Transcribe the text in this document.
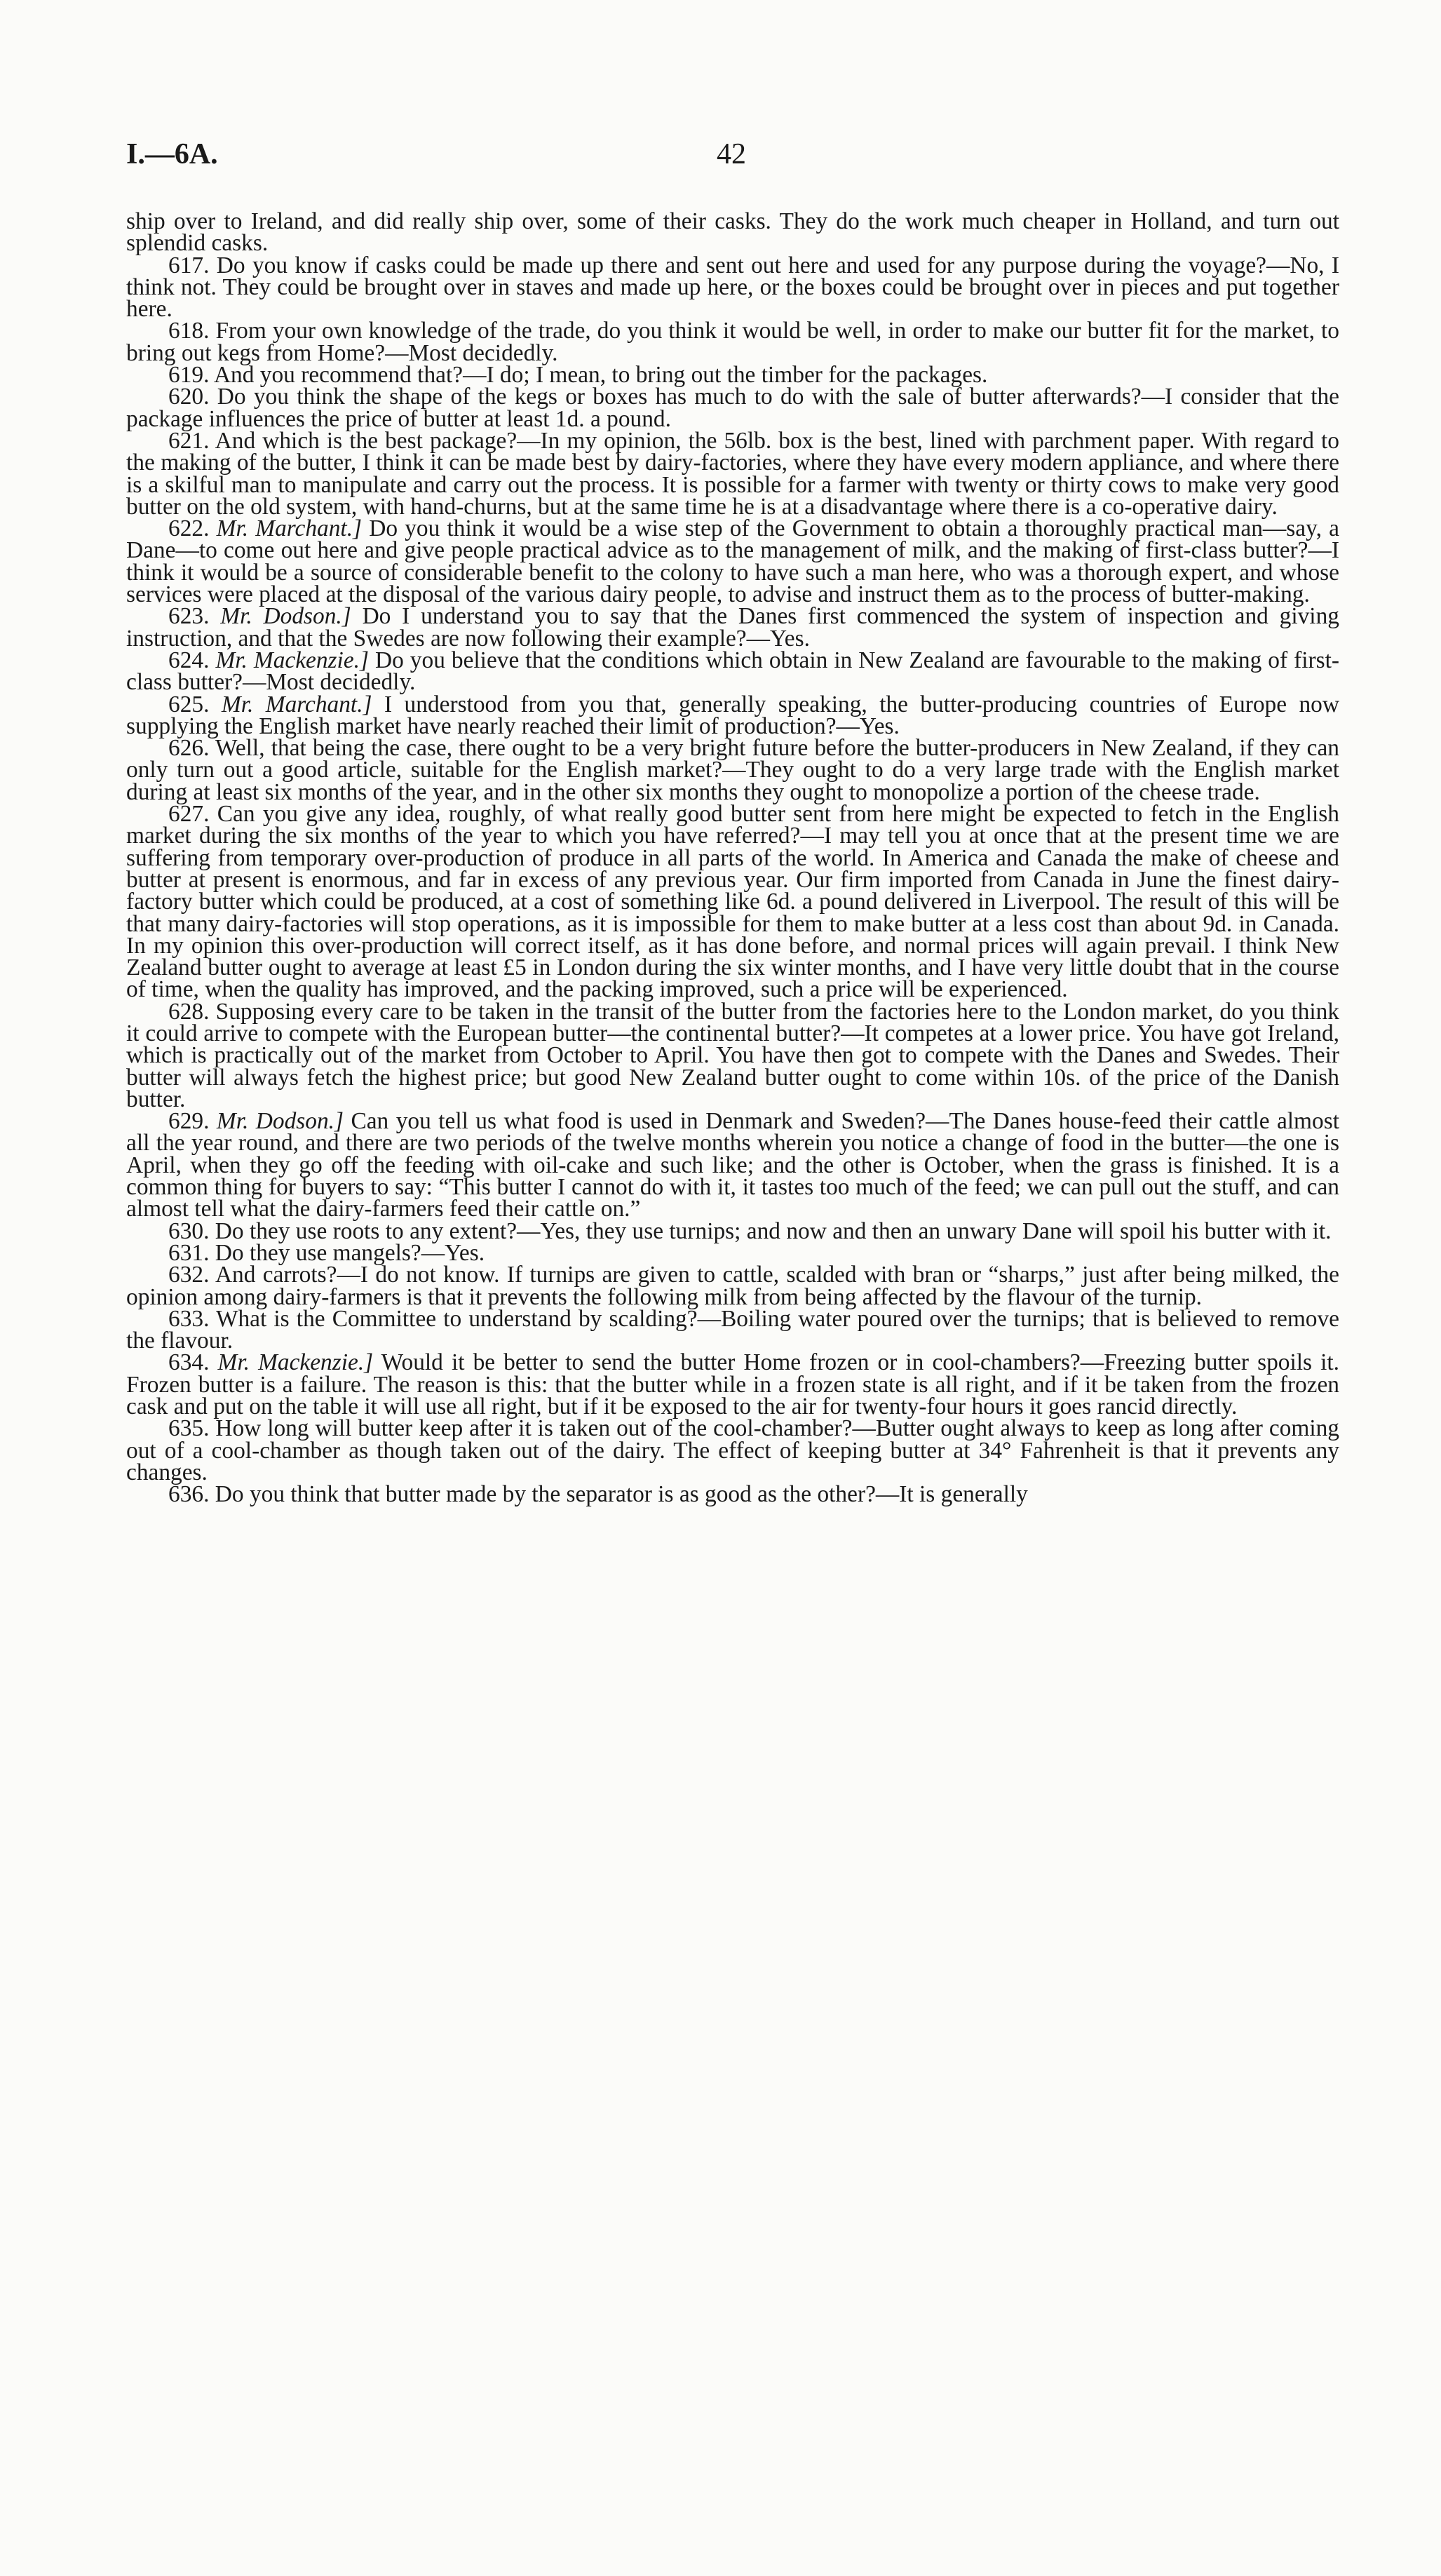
I.—6A.	42

ship over to Ireland, and did really ship over, some of their casks. They do the work much cheaper in Holland, and turn out splendid casks.

617. Do you know if casks could be made up there and sent out here and used for any purpose during the voyage?—No, I think not. They could be brought over in staves and made up here, or the boxes could be brought over in pieces and put together here.

618. From your own knowledge of the trade, do you think it would be well, in order to make our butter fit for the market, to bring out kegs from Home?—Most decidedly.

619. And you recommend that?—I do; I mean, to bring out the timber for the packages.

620. Do you think the shape of the kegs or boxes has much to do with the sale of butter afterwards?—I consider that the package influences the price of butter at least 1d. a pound.

621. And which is the best package?—In my opinion, the 56lb. box is the best, lined with parchment paper. With regard to the making of the butter, I think it can be made best by dairy-factories, where they have every modern appliance, and where there is a skilful man to manipulate and carry out the process. It is possible for a farmer with twenty or thirty cows to make very good butter on the old system, with hand-churns, but at the same time he is at a disadvantage where there is a co-operative dairy.

622. Mr. Marchant.] Do you think it would be a wise step of the Government to obtain a thoroughly practical man—say, a Dane—to come out here and give people practical advice as to the management of milk, and the making of first-class butter?—I think it would be a source of considerable benefit to the colony to have such a man here, who was a thorough expert, and whose services were placed at the disposal of the various dairy people, to advise and instruct them as to the process of butter-making.

623. Mr. Dodson.] Do I understand you to say that the Danes first commenced the system of inspection and giving instruction, and that the Swedes are now following their example?—Yes.

624. Mr. Mackenzie.] Do you believe that the conditions which obtain in New Zealand are favourable to the making of first-class butter?—Most decidedly.

625. Mr. Marchant.] I understood from you that, generally speaking, the butter-producing countries of Europe now supplying the English market have nearly reached their limit of production?—Yes.

626. Well, that being the case, there ought to be a very bright future before the butter-producers in New Zealand, if they can only turn out a good article, suitable for the English market?—They ought to do a very large trade with the English market during at least six months of the year, and in the other six months they ought to monopolize a portion of the cheese trade.

627. Can you give any idea, roughly, of what really good butter sent from here might be expected to fetch in the English market during the six months of the year to which you have referred?—I may tell you at once that at the present time we are suffering from temporary over-production of produce in all parts of the world. In America and Canada the make of cheese and butter at present is enormous, and far in excess of any previous year. Our firm imported from Canada in June the finest dairy-factory butter which could be produced, at a cost of something like 6d. a pound delivered in Liverpool. The result of this will be that many dairy-factories will stop operations, as it is impossible for them to make butter at a less cost than about 9d. in Canada. In my opinion this over-production will correct itself, as it has done before, and normal prices will again prevail. I think New Zealand butter ought to average at least £5 in London during the six winter months, and I have very little doubt that in the course of time, when the quality has improved, and the packing improved, such a price will be experienced.

628. Supposing every care to be taken in the transit of the butter from the factories here to the London market, do you think it could arrive to compete with the European butter—the continental butter?—It competes at a lower price. You have got Ireland, which is practically out of the market from October to April. You have then got to compete with the Danes and Swedes. Their butter will always fetch the highest price; but good New Zealand butter ought to come within 10s. of the price of the Danish butter.

629. Mr. Dodson.] Can you tell us what food is used in Denmark and Sweden?—The Danes house-feed their cattle almost all the year round, and there are two periods of the twelve months wherein you notice a change of food in the butter—the one is April, when they go off the feeding with oil-cake and such like; and the other is October, when the grass is finished. It is a common thing for buyers to say: “This butter I cannot do with it, it tastes too much of the feed; we can pull out the stuff, and can almost tell what the dairy-farmers feed their cattle on.”

630. Do they use roots to any extent?—Yes, they use turnips; and now and then an unwary Dane will spoil his butter with it.

631. Do they use mangels?—Yes.

632. And carrots?—I do not know. If turnips are given to cattle, scalded with bran or “sharps,” just after being milked, the opinion among dairy-farmers is that it prevents the following milk from being affected by the flavour of the turnip.

633. What is the Committee to understand by scalding?—Boiling water poured over the turnips; that is believed to remove the flavour.

634. Mr. Mackenzie.] Would it be better to send the butter Home frozen or in cool-chambers?—Freezing butter spoils it. Frozen butter is a failure. The reason is this: that the butter while in a frozen state is all right, and if it be taken from the frozen cask and put on the table it will use all right, but if it be exposed to the air for twenty-four hours it goes rancid directly.

635. How long will butter keep after it is taken out of the cool-chamber?—Butter ought always to keep as long after coming out of a cool-chamber as though taken out of the dairy. The effect of keeping butter at 34° Fahrenheit is that it prevents any changes.

636. Do you think that butter made by the separator is as good as the other?—It is generally
